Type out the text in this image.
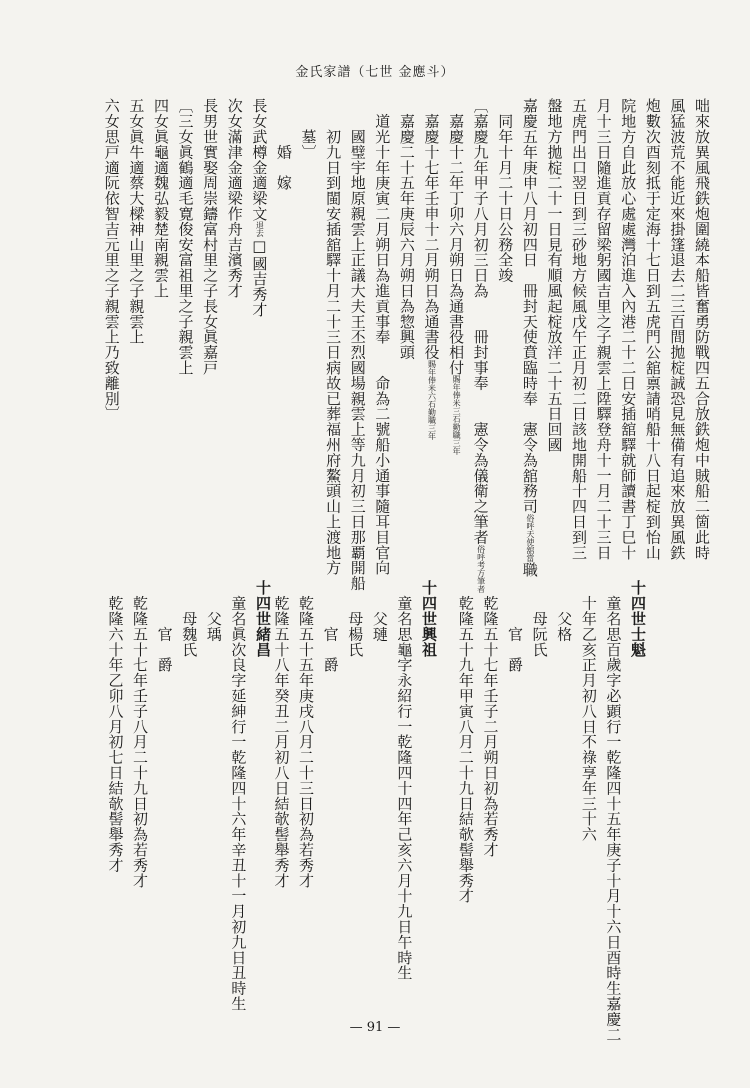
金氏家譜（七世 金應斗）
咄來放異風飛鉄炮圍繞本船皆奮勇防戰四五合放鉄炮中賊船二箇此時
風猛波荒不能近來掛篷退去二三百間拋椗誠恐見無備有追來放異風鉄
炮數次酉刻抵于定海十七日到五虎門公舘禀請哨船十八日起椗到怡山
院地方自此放心處處灣泊進入內港二十二日安插舘驛就師讀書丁巳十
月十三日隨進貢存留梁躬國吉里之子親雲上陞驛登舟十一月二十三日
五虎門出口翌日到三砂地方候風戊午正月初二日該地開船十四日到三
盤地方拋椗二十一日見有順風起椗放洋二十五日回國
嘉慶五年庚申八月初四日　冊封天使賁臨時奉　憲令為舘務司俗呼天使舘當職
　同年十月二十日公務全竣
〔嘉慶九年甲子八月初三日為　　冊封事奉　　憲令為儀衛之筆者俗呼考方筆者
　嘉慶十二年丁卯六月朔日為通書役相付賜年俸米三石勤職三年
　嘉慶十七年壬申十二月朔日為通書役賜年俸米六石勤職三年
　嘉慶二十五年庚辰六月朔日為惣興頭
　道光十年庚寅二月朔日為進貢事奉　　命為二號船小通事隨耳目官向
　　國璧宇地原親雲上正議大夫王丕烈國場親雲上等九月初三日那覇開船
　　初九日到閩安插舘驛十月二十三日病故已葬福州府鰲頭山上渡地方
　　墓〕
　　　婚　嫁
長女武樽金適梁文退去□國吉秀才
次女滿津金適梁作舟吉濱秀才
長男世實娶周崇鑄富村里之子長女眞嘉戸
〔三女眞鶴適毛寛俊安富祖里之子親雲上
四女眞龜適魏弘毅楚南親雲上
五女眞牛適蔡大樑神山里之子親雲上
六女思戸適阮依智吉元里之子親雲上乃致離別〕
十四世士魁
　童名思百歲字必顕行一乾隆四十五年庚子十月十六日酉時生嘉慶二
　十年乙亥正月初八日不祿享年三十六
　　父格
　　母阮氏
　　　官　爵
　乾隆五十七年壬子二月朔日初為若秀才
　乾隆五十九年甲寅八月二十九日結欹髻舉秀才
十四世興祖
　童名思龜字永紹行一乾隆四十四年己亥六月十九日午時生
　　父璉
　　母楊氏
　　　官　爵
　乾隆五十五年庚戌八月二十三日初為若秀才
　乾隆五十八年癸丑二月初八日結欹髻舉秀才
十四世緒昌
　童名眞次良字延紳行一乾隆四十六年辛丑十一月初九日丑時生
　　父瑀
　　母魏氏
　　　官　爵
　乾隆五十七年壬子八月二十九日初為若秀才
　乾隆六十年乙卯八月初七日結欹髻舉秀才
— 91 —
